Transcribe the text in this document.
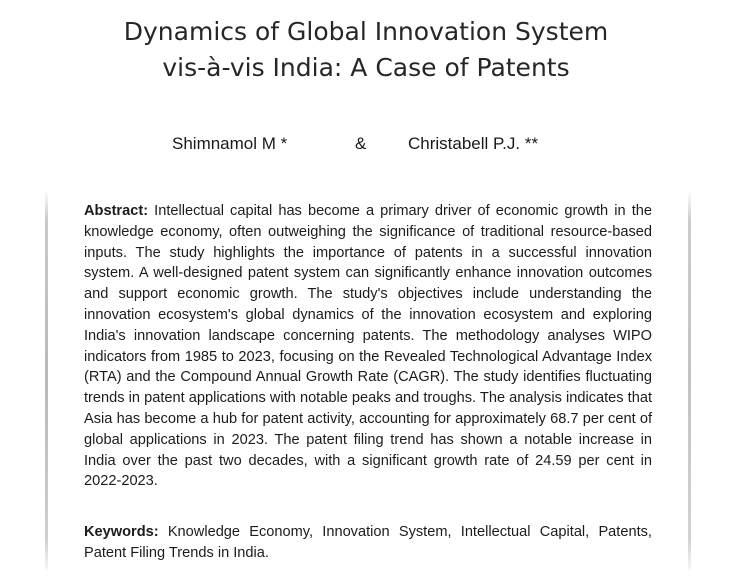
Dynamics of Global Innovation System
vis-à-vis India: A Case of Patents
Shimnamol M *	& Christabell P.J. **

Abstract: Intellectual capital has become a primary driver of economic growth in the knowledge economy, often outweighing the significance of traditional resource-based inputs. The study highlights the importance of patents in a successful innovation system. A well-designed patent system can significantly enhance innovation outcomes and support economic growth. The study's objectives include understanding the innovation ecosystem's global dynamics of the innovation ecosystem and exploring India's innovation landscape concerning patents. The methodology analyses WIPO indicators from 1985 to 2023, focusing on the Revealed Technological Advantage Index (RTA) and the Compound Annual Growth Rate (CAGR). The study identifies fluctuating trends in patent applications with notable peaks and troughs. The analysis indicates that Asia has become a hub for patent activity, accounting for approximately 68.7 per cent of global applications in 2023. The patent filing trend has shown a notable increase in India over the past two decades, with a significant growth rate of 24.59 per cent in 2022-2023.

Keywords: Knowledge Economy, Innovation System, Intellectual Capital, Patents, Patent Filing Trends in India.
